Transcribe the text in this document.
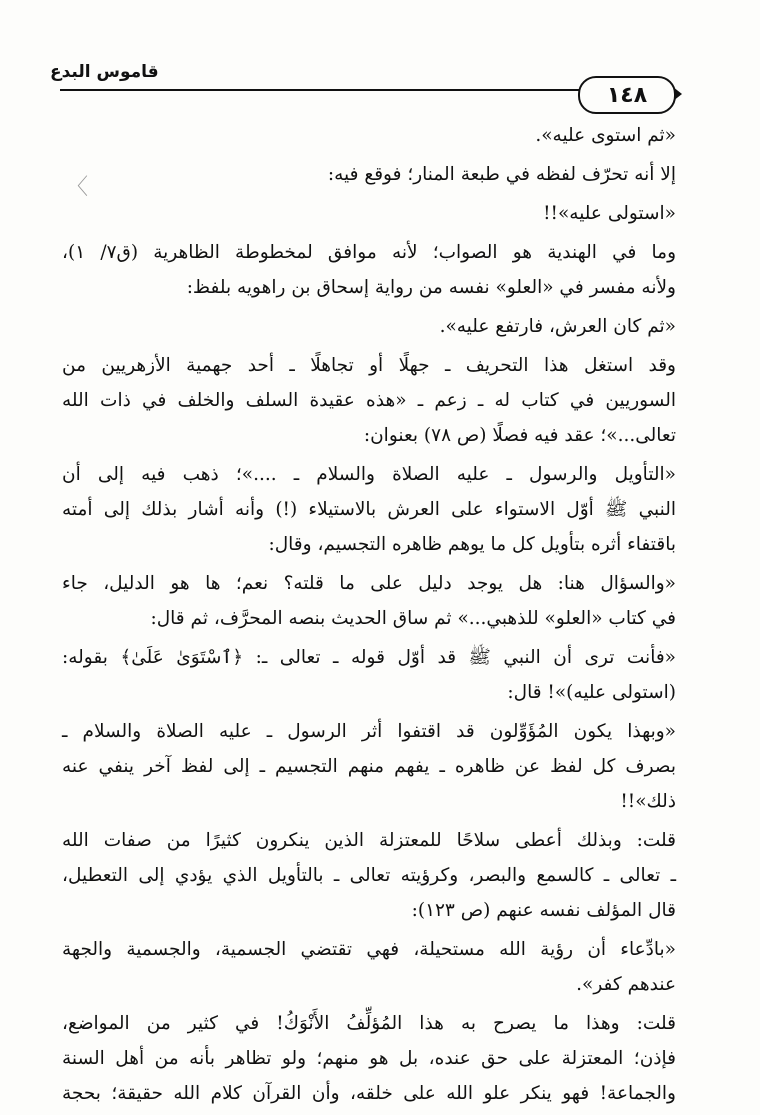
قاموس البدع
١٤٨
〈
«ثم استوى عليه».
إلا أنه تحرّف لفظه في طبعة المنار؛ فوقع فيه:
«استولى عليه»!!
وما في الهندية هو الصواب؛ لأنه موافق لمخطوطة الظاهرية (ق٧/ ١)،
ولأنه مفسر في «العلو» نفسه من رواية إسحاق بن راهويه بلفظ:
«ثم كان العرش، فارتفع عليه».
وقد استغل هذا التحريف ـ جهلًا أو تجاهلًا ـ أحد جهمية الأزهريين من
السوريين في كتاب له ـ زعم ـ «هذه عقيدة السلف والخلف في ذات الله
تعالى...»؛ عقد فيه فصلًا (ص ٧٨) بعنوان:
«التأويل والرسول ـ عليه الصلاة والسلام ـ ....»؛ ذهب فيه إلى أن
النبي ﷺ أوّل الاستواء على العرش بالاستيلاء (!) وأنه أشار بذلك إلى أمته
باقتفاء أثره بتأويل كل ما يوهم ظاهره التجسيم، وقال:
«والسؤال هنا: هل يوجد دليل على ما قلته؟ نعم؛ ها هو الدليل، جاء
في كتاب «العلو» للذهبي...» ثم ساق الحديث بنصه المحرَّف، ثم قال:
«فأنت ترى أن النبي ﷺ قد أوّل قوله ـ تعالى ـ: ﴿ٱسْتَوَىٰ عَلَىٰ﴾ بقوله:
(استولى عليه)»! قال:
«وبهذا يكون المُؤَوِّلون قد اقتفوا أثر الرسول ـ عليه الصلاة والسلام ـ
بصرف كل لفظ عن ظاهره ـ يفهم منهم التجسيم ـ إلى لفظ آخر ينفي عنه ذلك»!!
قلت: وبذلك أعطى سلاحًا للمعتزلة الذين ينكرون كثيرًا من صفات الله
ـ تعالى ـ كالسمع والبصر، وكرؤيته تعالى ـ بالتأويل الذي يؤدي إلى التعطيل،
قال المؤلف نفسه عنهم (ص ١٢٣):
«بادِّعاء أن رؤية الله مستحيلة، فهي تقتضي الجسمية، والجسمية والجهة
عندهم كفر».
قلت: وهذا ما يصرح به هذا المُؤلِّفُ الأَنْوَكُ! في كثير من المواضع،
فإذن؛ المعتزلة على حق عنده، بل هو منهم؛ ولو تظاهر بأنه من أهل السنة
والجماعة! فهو ينكر علو الله على خلقه، وأن القرآن كلام الله حقيقة؛ بحجة
